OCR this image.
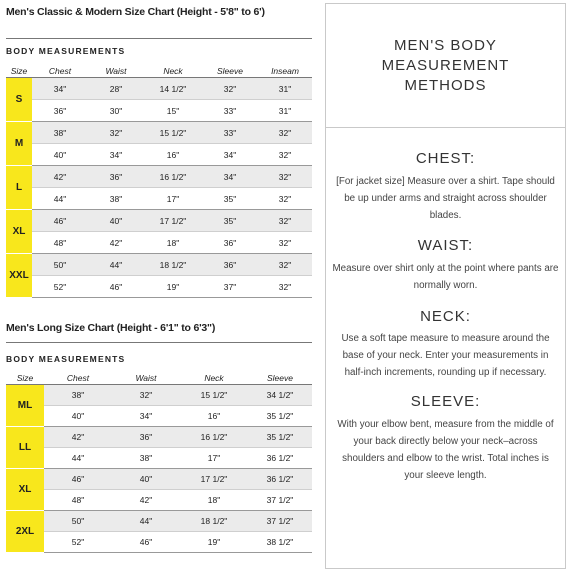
Men's Classic & Modern Size Chart (Height - 5'8" to 6')
BODY MEASUREMENTS
Size	Chest	Waist	Neck	Sleeve	Inseam
S	34"	28"	14 1/2"	32"	31"
	36"	30"	15"	33"	31"
M	38"	32"	15 1/2"	33"	32"
	40"	34"	16"	34"	32"
L	42"	36"	16 1/2"	34"	32"
	44"	38"	17"	35"	32"
XL	46"	40"	17 1/2"	35"	32"
	48"	42"	18"	36"	32"
XXL	50"	44"	18 1/2"	36"	32"
	52"	46"	19"	37"	32"
Men's Long Size Chart (Height - 6'1" to 6'3")
BODY MEASUREMENTS
Size	Chest	Waist	Neck	Sleeve
ML	38"	32"	15 1/2"	34 1/2"
	40"	34"	16"	35 1/2"
LL	42"	36"	16 1/2"	35 1/2"
	44"	38"	17"	36 1/2"
XL	46"	40"	17 1/2"	36 1/2"
	48"	42"	18"	37 1/2"
2XL	50"	44"	18 1/2"	37 1/2"
	52"	46"	19"	38 1/2"
MEN'S BODY MEASUREMENT METHODS
CHEST:

[For jacket size] Measure over a shirt. Tape should be up under arms and straight across shoulder blades.

WAIST:

Measure over shirt only at the point where pants are normally worn.

NECK:

Use a soft tape measure to measure around the base of your neck. Enter your measurements in half-inch increments, rounding up if necessary.

SLEEVE:

With your elbow bent, measure from the middle of your back directly below your neck–across shoulders and elbow to the wrist. Total inches is your sleeve length.
